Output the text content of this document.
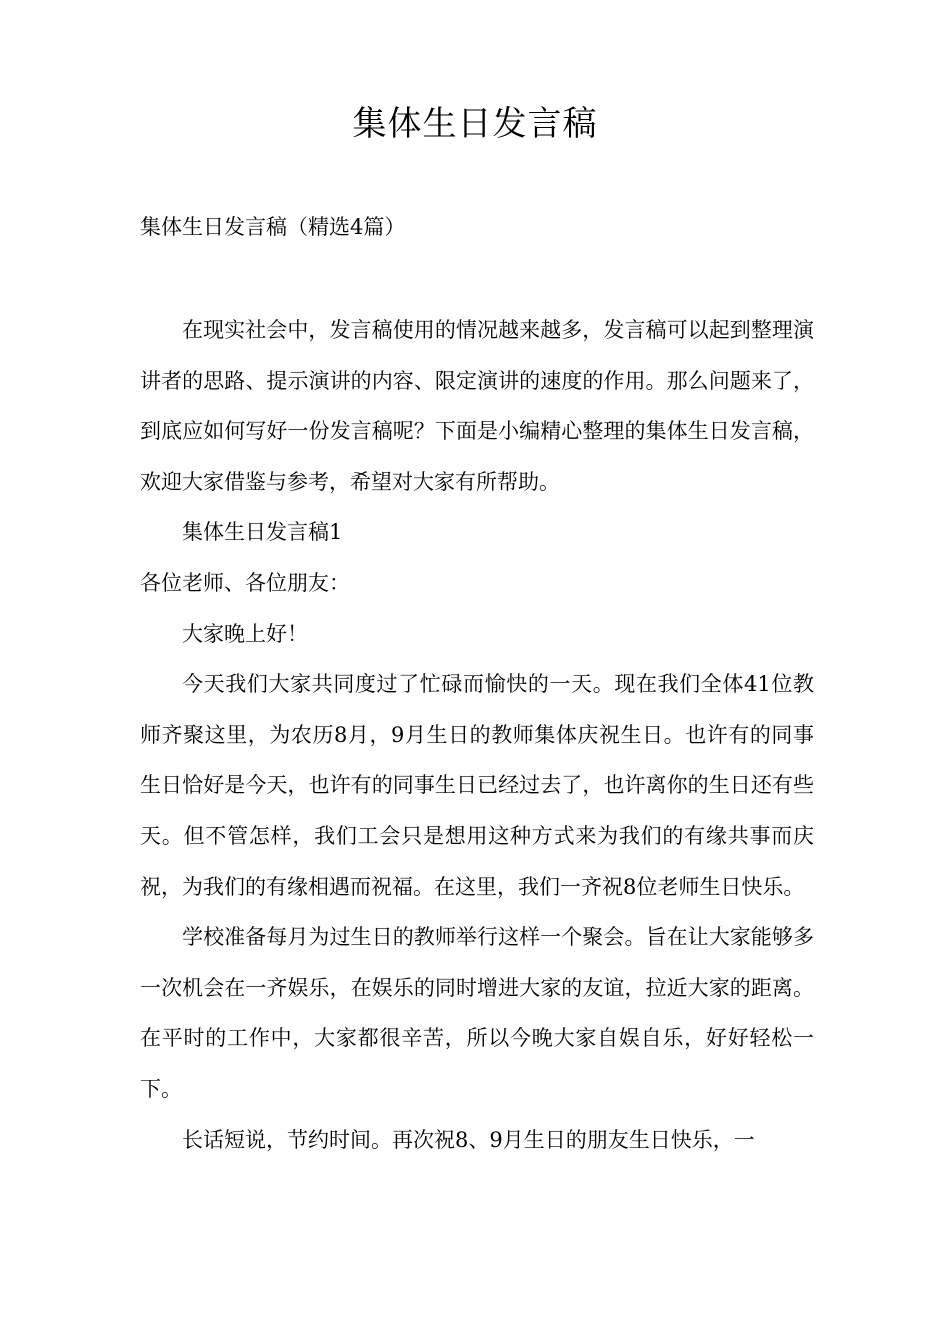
集体生日发言稿

集体生日发言稿（精选4篇）

在现实社会中，发言稿使用的情况越来越多，发言稿可以起到整理演讲者的思路、提示演讲的内容、限定演讲的速度的作用。那么问题来了，到底应如何写好一份发言稿呢？下面是小编精心整理的集体生日发言稿，欢迎大家借鉴与参考，希望对大家有所帮助。

集体生日发言稿1

各位老师、各位朋友：

大家晚上好！

今天我们大家共同度过了忙碌而愉快的一天。现在我们全体41位教师齐聚这里，为农历8月，9月生日的教师集体庆祝生日。也许有的同事生日恰好是今天，也许有的同事生日已经过去了，也许离你的生日还有些天。但不管怎样，我们工会只是想用这种方式来为我们的有缘共事而庆祝，为我们的有缘相遇而祝福。在这里，我们一齐祝8位老师生日快乐。

学校准备每月为过生日的教师举行这样一个聚会。旨在让大家能够多一次机会在一齐娱乐，在娱乐的同时增进大家的友谊，拉近大家的距离。在平时的工作中，大家都很辛苦，所以今晚大家自娱自乐，好好轻松一下。

长话短说，节约时间。再次祝8、9月生日的朋友生日快乐，一
